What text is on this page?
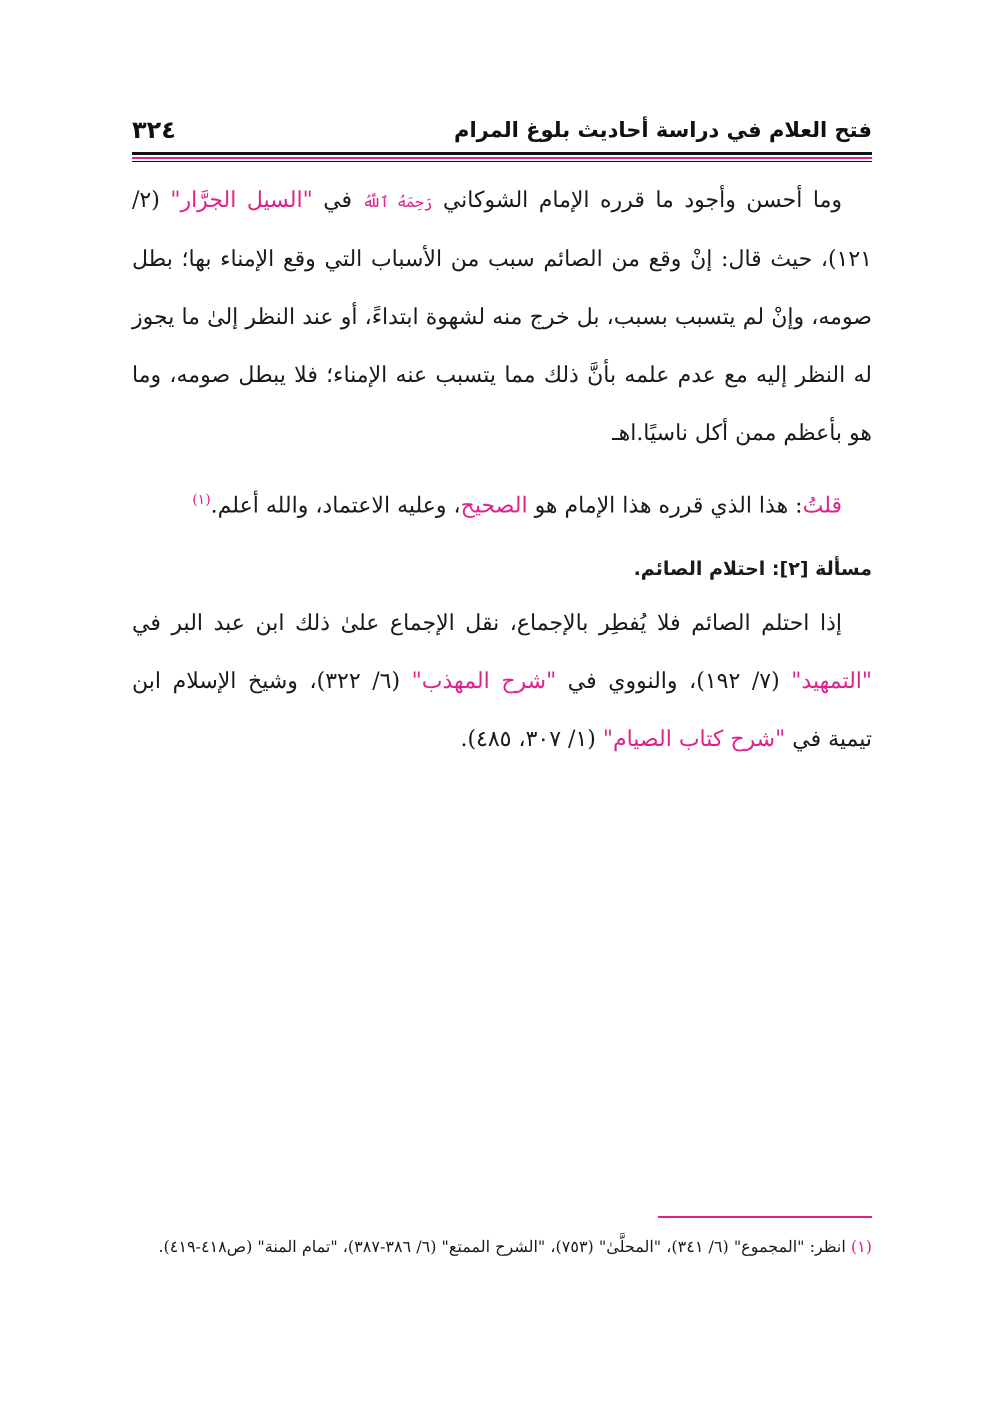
فتح العلام في دراسة أحاديث بلوغ المرام
٣٢٤

وما أحسن وأجود ما قرره الإمام الشوكاني رَحِمَهُ ٱللَّهُ في "السيل الجرَّار" (٢/ ١٢١)، حيث قال: إنْ وقع من الصائم سبب من الأسباب التي وقع الإمناء بها؛ بطل صومه، وإنْ لم يتسبب بسبب، بل خرج منه لشهوة ابتداءً، أو عند النظر إلىٰ ما يجوز له النظر إليه مع عدم علمه بأنَّ ذلك مما يتسبب عنه الإمناء؛ فلا يبطل صومه، وما هو بأعظم ممن أكل ناسيًا.اهـ

قلتُ: هذا الذي قرره هذا الإمام هو الصحيح، وعليه الاعتماد، والله أعلم.$^{(١)}$

مسألة [٢]: احتلام الصائم.

إذا احتلم الصائم فلا يُفطِر بالإجماع، نقل الإجماع علىٰ ذلك ابن عبد البر في "التمهيد" (٧/ ١٩٢)، والنووي في "شرح المهذب" (٦/ ٣٢٢)، وشيخ الإسلام ابن تيمية في "شرح كتاب الصيام" (١/ ٣٠٧، ٤٨٥).

(١) انظر: "المجموع" (٦/ ٣٤١)، "المحلَّىٰ" (٧٥٣)، "الشرح الممتع" (٦/ ٣٨٦-٣٨٧)، "تمام المنة" (ص٤١٨-٤١٩).
